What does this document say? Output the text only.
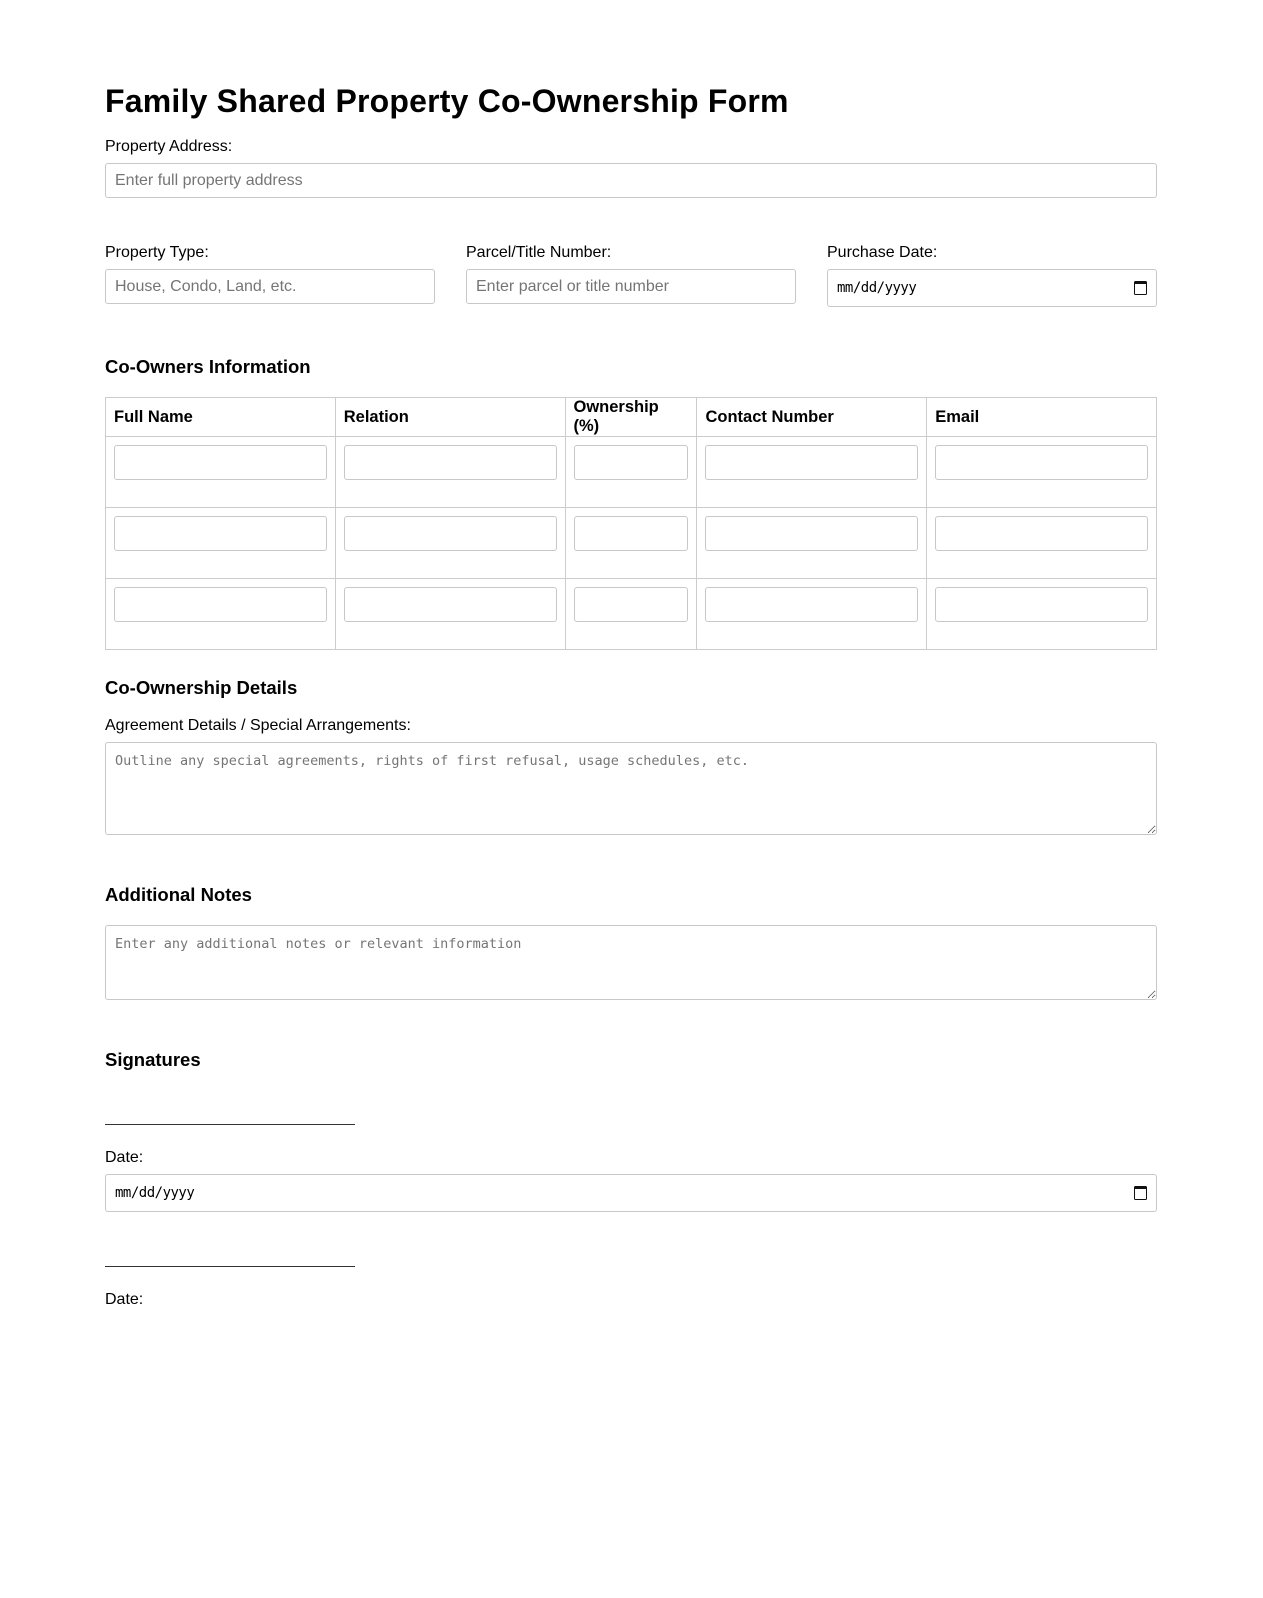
Family Shared Property Co-Ownership Form
Property Address:
Enter full property address
Property Type:
House, Condo, Land, etc.	Parcel/Title Number:
Enter parcel or title number	Purchase Date:
mm/dd/yyyy
Co-Owners Information
Full Name	Relation	Ownership (%)	Contact Number	Email

Co-Ownership Details
Agreement Details / Special Arrangements:
Outline any special agreements, rights of first refusal, usage schedules, etc.
Additional Notes
Enter any additional notes or relevant information
Signatures
Date:
mm/dd/yyyy
Date:
